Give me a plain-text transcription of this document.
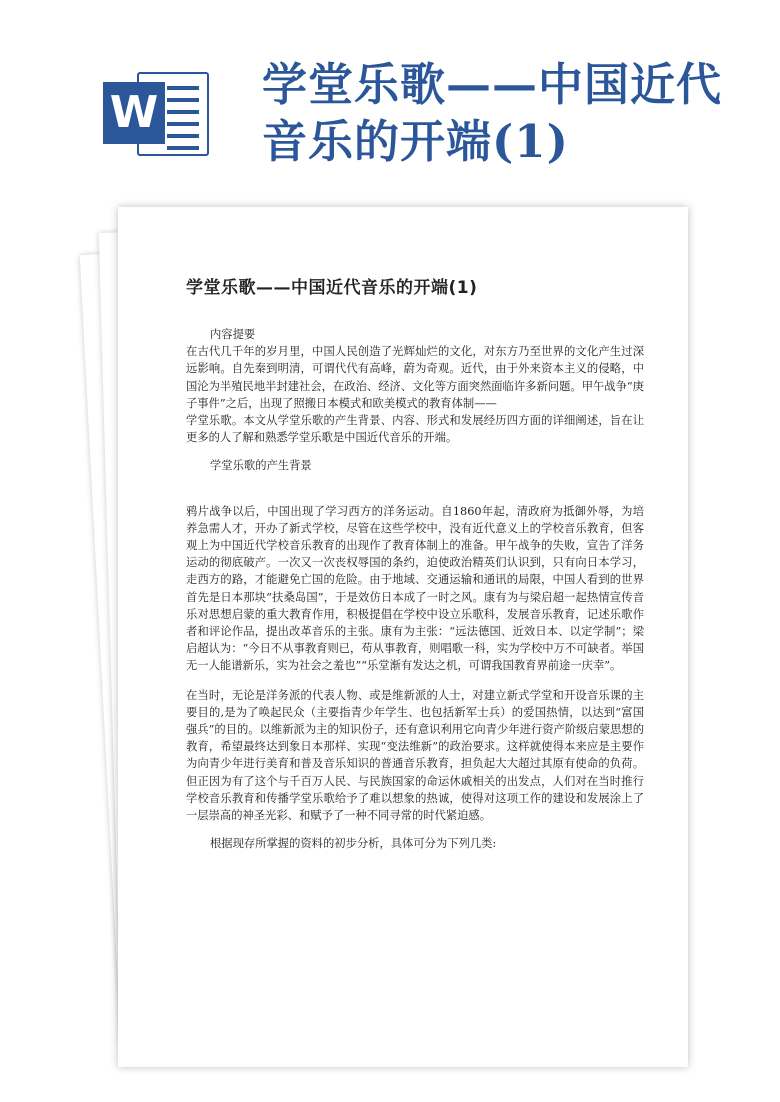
W
学堂乐歌——中国近代音乐的开端(1)
学堂乐歌——中国近代音乐的开端(1)

内容提要

在古代几千年的岁月里，中国人民创造了光辉灿烂的文化，对东方乃至世界的文化产生过深远影响。自先秦到明清，可谓代代有高峰，蔚为奇观。近代，由于外来资本主义的侵略，中国沦为半殖民地半封建社会，在政治、经济、文化等方面突然面临许多新问题。甲午战争“庚子事件”之后，出现了照搬日本模式和欧美模式的教育体制——

学堂乐歌。本文从学堂乐歌的产生背景、内容、形式和发展经历四方面的详细阐述，旨在让更多的人了解和熟悉学堂乐歌是中国近代音乐的开端。

学堂乐歌的产生背景

鸦片战争以后，中国出现了学习西方的洋务运动。自1860年起，清政府为抵御外辱，为培养急需人才，开办了新式学校，尽管在这些学校中，没有近代意义上的学校音乐教育，但客观上为中国近代学校音乐教育的出现作了教育体制上的准备。甲午战争的失败，宣告了洋务运动的彻底破产。一次又一次丧权辱国的条约，迫使政治精英们认识到，只有向日本学习，走西方的路，才能避免亡国的危险。由于地域、交通运输和通讯的局限，中国人看到的世界首先是日本那块“扶桑岛国”，于是效仿日本成了一时之风。康有为与梁启超一起热情宣传音乐对思想启蒙的重大教育作用，积极提倡在学校中设立乐歌科，发展音乐教育，记述乐歌作者和评论作品，提出改革音乐的主张。康有为主张：“远法德国、近效日本、以定学制”；梁启超认为：“今日不从事教育则已，苟从事教育，则唱歌一科，实为学校中万不可缺者。举国无一人能谱新乐，实为社会之羞也”“乐堂渐有发达之机，可谓我国教育界前途一庆幸”。

在当时，无论是洋务派的代表人物、或是维新派的人士，对建立新式学堂和开设音乐课的主要目的,是为了唤起民众（主要指青少年学生、也包括新军士兵）的爱国热情，以达到“富国强兵”的目的。以维新派为主的知识份子，还有意识利用它向青少年进行资产阶级启蒙思想的教育，希望最终达到象日本那样、实现“变法维新”的政治要求。这样就使得本来应是主要作为向青少年进行美育和普及音乐知识的普通音乐教育，担负起大大超过其原有使命的负荷。但正因为有了这个与千百万人民、与民族国家的命运休戚相关的出发点，人们对在当时推行学校音乐教育和传播学堂乐歌给予了难以想象的热诚，使得对这项工作的建设和发展涂上了一层崇高的神圣光彩、和赋予了一种不同寻常的时代紧迫感。

根据现存所掌握的资料的初步分析，具体可分为下列几类:
